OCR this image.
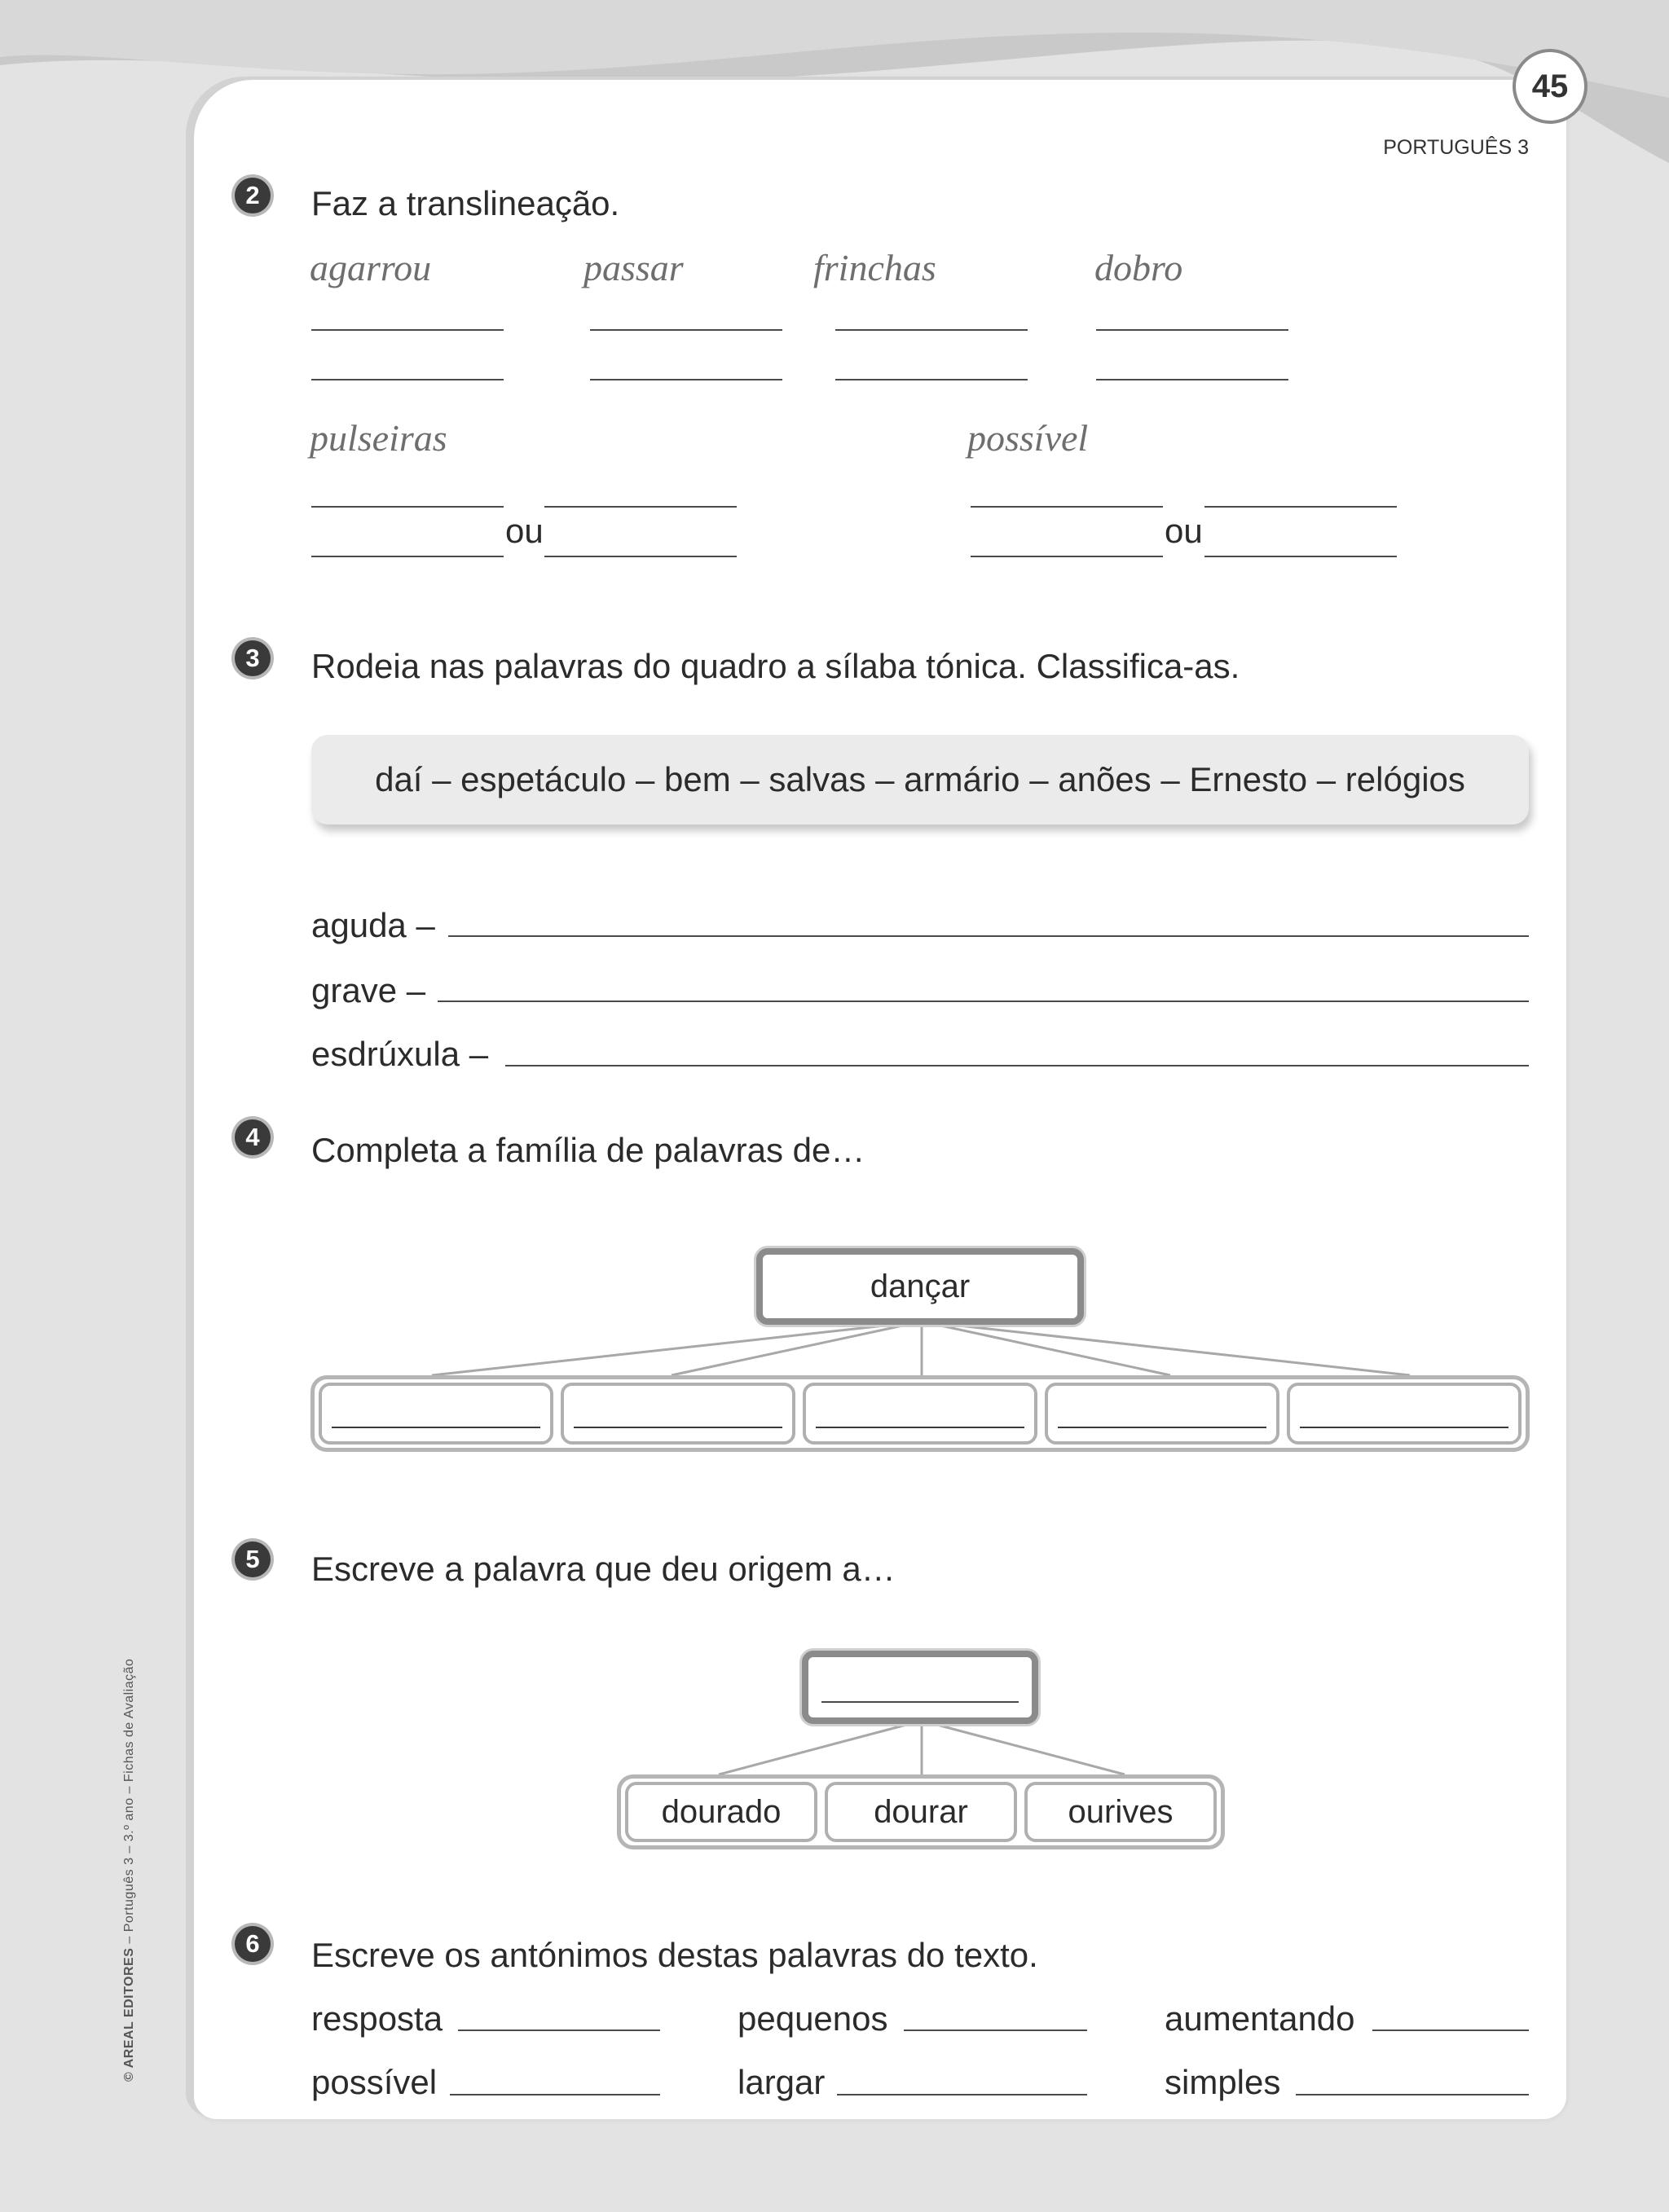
45
PORTUGUÊS 3
2	Faz a translineação.
agarrou	passar	frinchas	dobro
pulseiras	possível
ou	ou
3	Rodeia nas palavras do quadro a sílaba tónica. Classifica-as.
daí – espetáculo – bem – salvas – armário – anões – Ernesto – relógios
aguda –
grave –
esdrúxula –
4	Completa a família de palavras de…
dançar
5	Escreve a palavra que deu origem a…
dourado	dourar	ourives
6	Escreve os antónimos destas palavras do texto.
resposta	pequenos	aumentando
possível	largar	simples
© AREAL EDITORES – Português 3 – 3.º ano – Fichas de Avaliação
